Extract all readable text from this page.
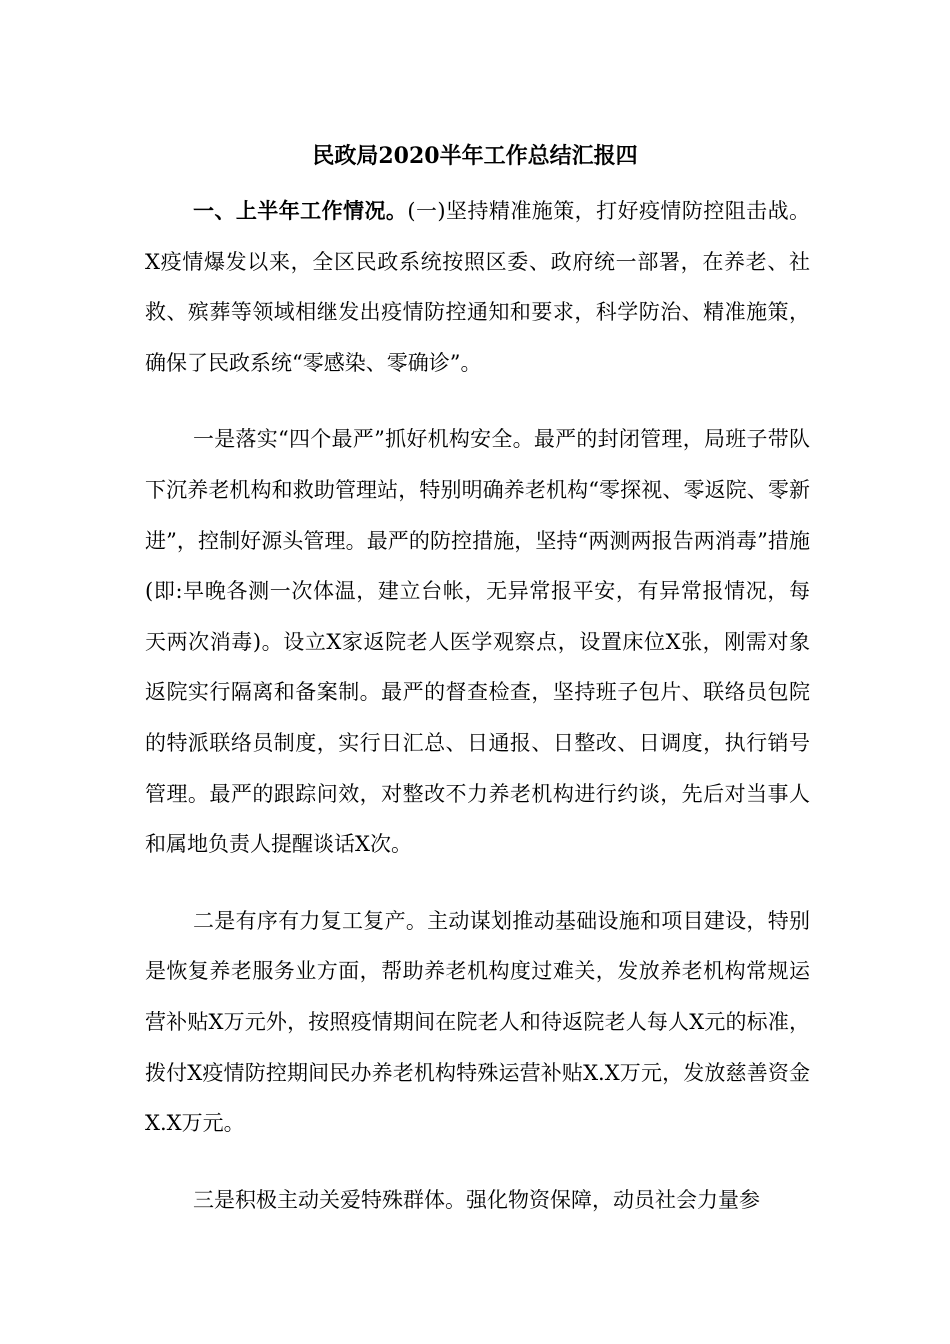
民政局2020半年工作总结汇报四

一、上半年工作情况。(一)坚持精准施策，打好疫情防控阻击战。X疫情爆发以来，全区民政系统按照区委、政府统一部署，在养老、社救、殡葬等领域相继发出疫情防控通知和要求，科学防治、精准施策，确保了民政系统“零感染、零确诊”。

一是落实“四个最严”抓好机构安全。最严的封闭管理，局班子带队下沉养老机构和救助管理站，特别明确养老机构“零探视、零返院、零新进”，控制好源头管理。最严的防控措施，坚持“两测两报告两消毒”措施(即:早晚各测一次体温，建立台帐，无异常报平安，有异常报情况，每天两次消毒)。设立X家返院老人医学观察点，设置床位X张，刚需对象返院实行隔离和备案制。最严的督查检查，坚持班子包片、联络员包院的特派联络员制度，实行日汇总、日通报、日整改、日调度，执行销号管理。最严的跟踪问效，对整改不力养老机构进行约谈，先后对当事人和属地负责人提醒谈话X次。

二是有序有力复工复产。主动谋划推动基础设施和项目建设，特别是恢复养老服务业方面，帮助养老机构度过难关，发放养老机构常规运营补贴X万元外，按照疫情期间在院老人和待返院老人每人X元的标准，拨付X疫情防控期间民办养老机构特殊运营补贴X.X万元，发放慈善资金X.X万元。

三是积极主动关爱特殊群体。强化物资保障，动员社会力量参
